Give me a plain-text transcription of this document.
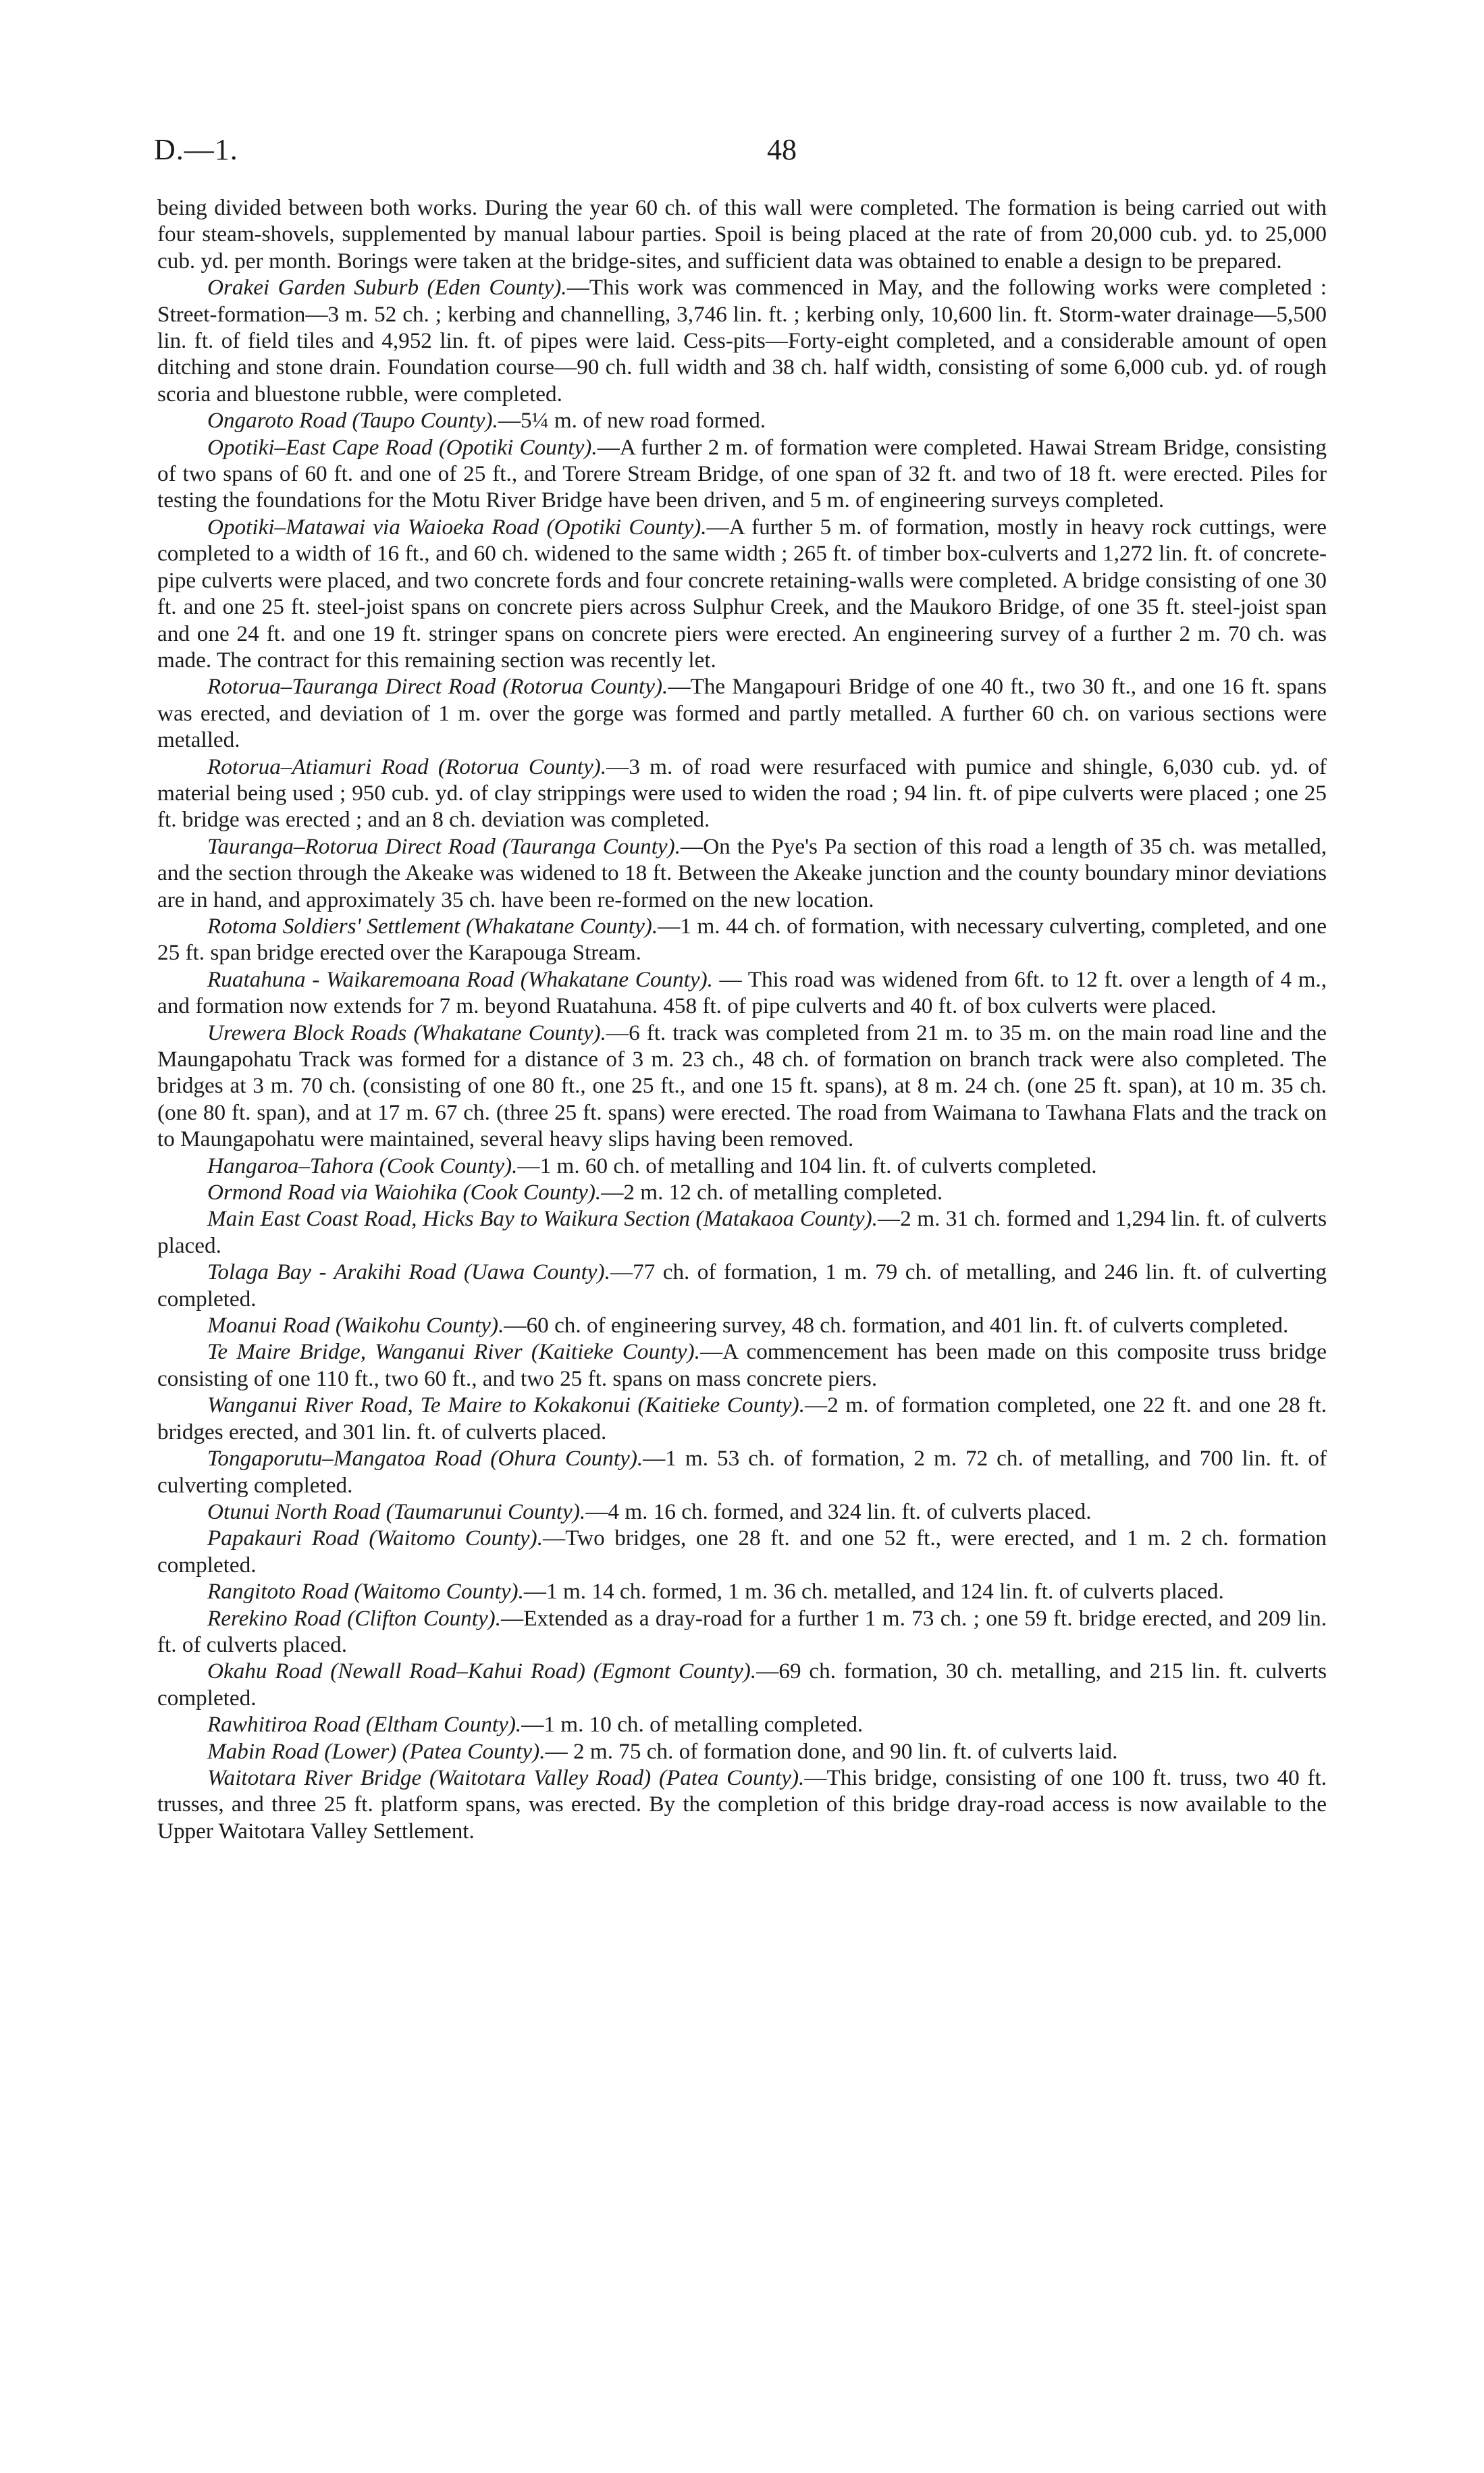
D.—1.	48

being divided between both works. During the year 60 ch. of this wall were completed. The formation is being carried out with four steam-shovels, supplemented by manual labour parties. Spoil is being placed at the rate of from 20,000 cub. yd. to 25,000 cub. yd. per month. Borings were taken at the bridge-sites, and sufficient data was obtained to enable a design to be prepared.

Orakei Garden Suburb (Eden County).—This work was commenced in May, and the following works were completed : Street-formation—3 m. 52 ch. ; kerbing and channelling, 3,746 lin. ft. ; kerbing only, 10,600 lin. ft. Storm-water drainage—5,500 lin. ft. of field tiles and 4,952 lin. ft. of pipes were laid. Cess-pits—Forty-eight completed, and a considerable amount of open ditching and stone drain. Foundation course—90 ch. full width and 38 ch. half width, consisting of some 6,000 cub. yd. of rough scoria and bluestone rubble, were completed.

Ongaroto Road (Taupo County).—5¼ m. of new road formed.

Opotiki–East Cape Road (Opotiki County).—A further 2 m. of formation were completed. Hawai Stream Bridge, consisting of two spans of 60 ft. and one of 25 ft., and Torere Stream Bridge, of one span of 32 ft. and two of 18 ft. were erected. Piles for testing the foundations for the Motu River Bridge have been driven, and 5 m. of engineering surveys completed.

Opotiki–Matawai via Waioeka Road (Opotiki County).—A further 5 m. of formation, mostly in heavy rock cuttings, were completed to a width of 16 ft., and 60 ch. widened to the same width ; 265 ft. of timber box-culverts and 1,272 lin. ft. of concrete-pipe culverts were placed, and two concrete fords and four concrete retaining-walls were completed. A bridge consisting of one 30 ft. and one 25 ft. steel-joist spans on concrete piers across Sulphur Creek, and the Maukoro Bridge, of one 35 ft. steel-joist span and one 24 ft. and one 19 ft. stringer spans on concrete piers were erected. An engineering survey of a further 2 m. 70 ch. was made. The contract for this remaining section was recently let.

Rotorua–Tauranga Direct Road (Rotorua County).—The Mangapouri Bridge of one 40 ft., two 30 ft., and one 16 ft. spans was erected, and deviation of 1 m. over the gorge was formed and partly metalled. A further 60 ch. on various sections were metalled.

Rotorua–Atiamuri Road (Rotorua County).—3 m. of road were resurfaced with pumice and shingle, 6,030 cub. yd. of material being used ; 950 cub. yd. of clay strippings were used to widen the road ; 94 lin. ft. of pipe culverts were placed ; one 25 ft. bridge was erected ; and an 8 ch. deviation was completed.

Tauranga–Rotorua Direct Road (Tauranga County).—On the Pye's Pa section of this road a length of 35 ch. was metalled, and the section through the Akeake was widened to 18 ft. Between the Akeake junction and the county boundary minor deviations are in hand, and approximately 35 ch. have been re-formed on the new location.

Rotoma Soldiers' Settlement (Whakatane County).—1 m. 44 ch. of formation, with necessary culverting, completed, and one 25 ft. span bridge erected over the Karapouga Stream.

Ruatahuna - Waikaremoana Road (Whakatane County). — This road was widened from 6ft. to 12 ft. over a length of 4 m., and formation now extends for 7 m. beyond Ruatahuna. 458 ft. of pipe culverts and 40 ft. of box culverts were placed.

Urewera Block Roads (Whakatane County).—6 ft. track was completed from 21 m. to 35 m. on the main road line and the Maungapohatu Track was formed for a distance of 3 m. 23 ch., 48 ch. of formation on branch track were also completed. The bridges at 3 m. 70 ch. (consisting of one 80 ft., one 25 ft., and one 15 ft. spans), at 8 m. 24 ch. (one 25 ft. span), at 10 m. 35 ch. (one 80 ft. span), and at 17 m. 67 ch. (three 25 ft. spans) were erected. The road from Waimana to Tawhana Flats and the track on to Maungapohatu were maintained, several heavy slips having been removed.

Hangaroa–Tahora (Cook County).—1 m. 60 ch. of metalling and 104 lin. ft. of culverts completed.

Ormond Road via Waiohika (Cook County).—2 m. 12 ch. of metalling completed.

Main East Coast Road, Hicks Bay to Waikura Section (Matakaoa County).—2 m. 31 ch. formed and 1,294 lin. ft. of culverts placed.

Tolaga Bay - Arakihi Road (Uawa County).—77 ch. of formation, 1 m. 79 ch. of metalling, and 246 lin. ft. of culverting completed.

Moanui Road (Waikohu County).—60 ch. of engineering survey, 48 ch. formation, and 401 lin. ft. of culverts completed.

Te Maire Bridge, Wanganui River (Kaitieke County).—A commencement has been made on this composite truss bridge consisting of one 110 ft., two 60 ft., and two 25 ft. spans on mass concrete piers.

Wanganui River Road, Te Maire to Kokakonui (Kaitieke County).—2 m. of formation completed, one 22 ft. and one 28 ft. bridges erected, and 301 lin. ft. of culverts placed.

Tongaporutu–Mangatoa Road (Ohura County).—1 m. 53 ch. of formation, 2 m. 72 ch. of metalling, and 700 lin. ft. of culverting completed.

Otunui North Road (Taumarunui County).—4 m. 16 ch. formed, and 324 lin. ft. of culverts placed.

Papakauri Road (Waitomo County).—Two bridges, one 28 ft. and one 52 ft., were erected, and 1 m. 2 ch. formation completed.

Rangitoto Road (Waitomo County).—1 m. 14 ch. formed, 1 m. 36 ch. metalled, and 124 lin. ft. of culverts placed.

Rerekino Road (Clifton County).—Extended as a dray-road for a further 1 m. 73 ch. ; one 59 ft. bridge erected, and 209 lin. ft. of culverts placed.

Okahu Road (Newall Road–Kahui Road) (Egmont County).—69 ch. formation, 30 ch. metalling, and 215 lin. ft. culverts completed.

Rawhitiroa Road (Eltham County).—1 m. 10 ch. of metalling completed.

Mabin Road (Lower) (Patea County).— 2 m. 75 ch. of formation done, and 90 lin. ft. of culverts laid.

Waitotara River Bridge (Waitotara Valley Road) (Patea County).—This bridge, consisting of one 100 ft. truss, two 40 ft. trusses, and three 25 ft. platform spans, was erected. By the completion of this bridge dray-road access is now available to the Upper Waitotara Valley Settlement.
